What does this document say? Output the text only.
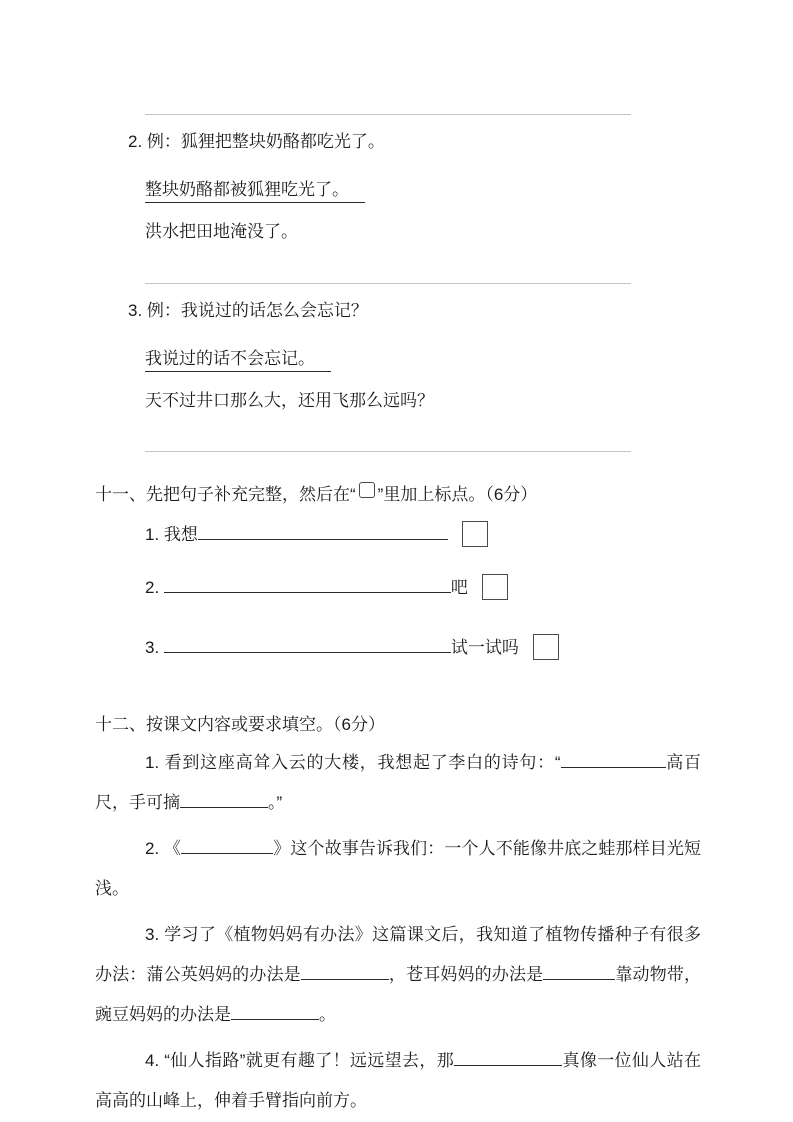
2. 例：狐狸把整块奶酪都吃光了。

整块奶酪都被狐狸吃光了。

洪水把田地淹没了。

3. 例：我说过的话怎么会忘记？

我说过的话不会忘记。

天不过井口那么大，还用飞那么远吗？

十一、先把句子补充完整，然后在“ ”里加上标点。（6分）
1. 我想
2.	吧
3.	试一试吗
十二、按课文内容或要求填空。（6分）

1. 看到这座高耸入云的大楼，我想起了李白的诗句：“	高百尺，手可摘	。”

2. 《	》这个故事告诉我们：一个人不能像井底之蛙那样目光短浅。

3. 学习了《植物妈妈有办法》这篇课文后，我知道了植物传播种子有很多办法：蒲公英妈妈的办法是	，苍耳妈妈的办法是	靠动物带，豌豆妈妈的办法是	。

4. “仙人指路”就更有趣了！远远望去，那	真像一位仙人站在高高的山峰上，伸着手臂指向前方。
